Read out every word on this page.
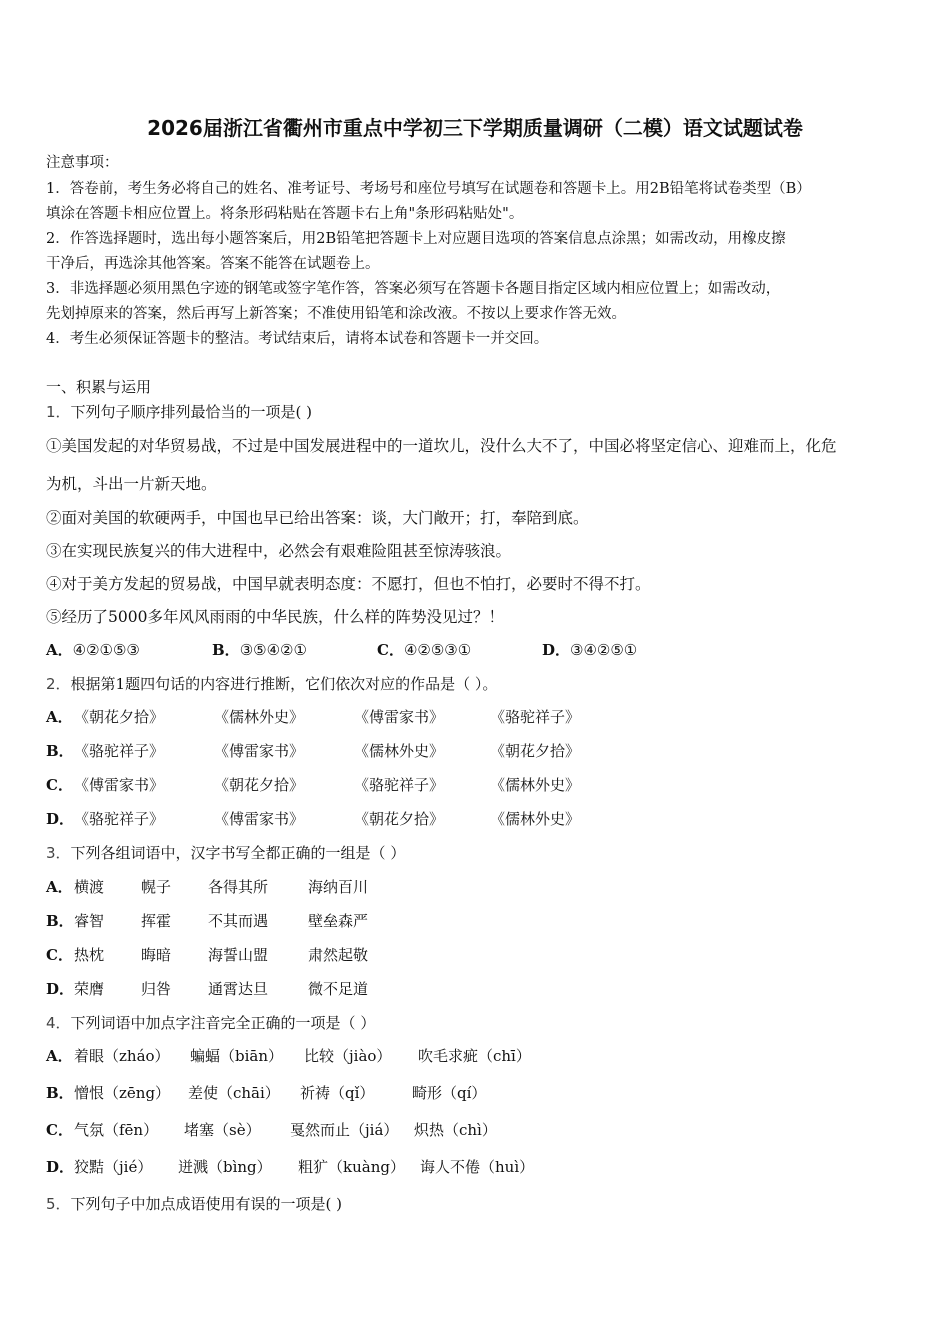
2026届浙江省衢州市重点中学初三下学期质量调研（二模）语文试题试卷
注意事项：
1．答卷前，考生务必将自己的姓名、准考证号、考场号和座位号填写在试题卷和答题卡上。用2B铅笔将试卷类型（B）
填涂在答题卡相应位置上。将条形码粘贴在答题卡右上角"条形码粘贴处"。
2．作答选择题时，选出每小题答案后，用2B铅笔把答题卡上对应题目选项的答案信息点涂黑；如需改动，用橡皮擦
干净后，再选涂其他答案。答案不能答在试题卷上。
3．非选择题必须用黑色字迹的钢笔或签字笔作答，答案必须写在答题卡各题目指定区域内相应位置上；如需改动，
先划掉原来的答案，然后再写上新答案；不准使用铅笔和涂改液。不按以上要求作答无效。
4．考生必须保证答题卡的整洁。考试结束后，请将本试卷和答题卡一并交回。
一、积累与运用
1．下列句子顺序排列最恰当的一项是( )
①美国发起的对华贸易战，不过是中国发展进程中的一道坎儿，没什么大不了，中国必将坚定信心、迎难而上，化危
为机，斗出一片新天地。
②面对美国的软硬两手，中国也早已给出答案：谈，大门敞开；打，奉陪到底。
③在实现民族复兴的伟大进程中，必然会有艰难险阻甚至惊涛骇浪。
④对于美方发起的贸易战，中国早就表明态度：不愿打，但也不怕打，必要时不得不打。
⑤经历了5000多年风风雨雨的中华民族，什么样的阵势没见过？！
A．④②①⑤③	B．③⑤④②①	C．④②⑤③①	D．③④②⑤①
2．根据第1题四句话的内容进行推断，它们依次对应的作品是（ ）。
A． 《朝花夕拾》	《儒林外史》	《傅雷家书》	《骆驼祥子》
B． 《骆驼祥子》	《傅雷家书》	《儒林外史》	《朝花夕拾》
C． 《傅雷家书》	《朝花夕拾》	《骆驼祥子》	《儒林外史》
D． 《骆驼祥子》	《傅雷家书》	《朝花夕拾》	《儒林外史》
3．下列各组词语中，汉字书写全都正确的一组是（ ）
A． 横渡 幌子 各得其所	海纳百川
B． 睿智 挥霍 不其而遇	壁垒森严
C． 热枕 晦暗 海誓山盟	肃然起敬
D． 荣膺 归咎 通霄达旦	微不足道
4．下列词语中加点字注音完全正确的一项是（ ）
A． 着眼（zháo） 蝙蝠（biān） 比较（jiào） 吹毛求疵（chī）
B． 憎恨（zēng） 差使（chāi） 祈祷（qǐ）	畸形（qí）
C． 气氛（fēn） 堵塞（sè） 戛然而止（jiá） 炽热（chì）
D． 狡黠（jié） 迸溅（bìng） 粗犷（kuàng） 诲人不倦（huì）
5．下列句子中加点成语使用有误的一项是( )
